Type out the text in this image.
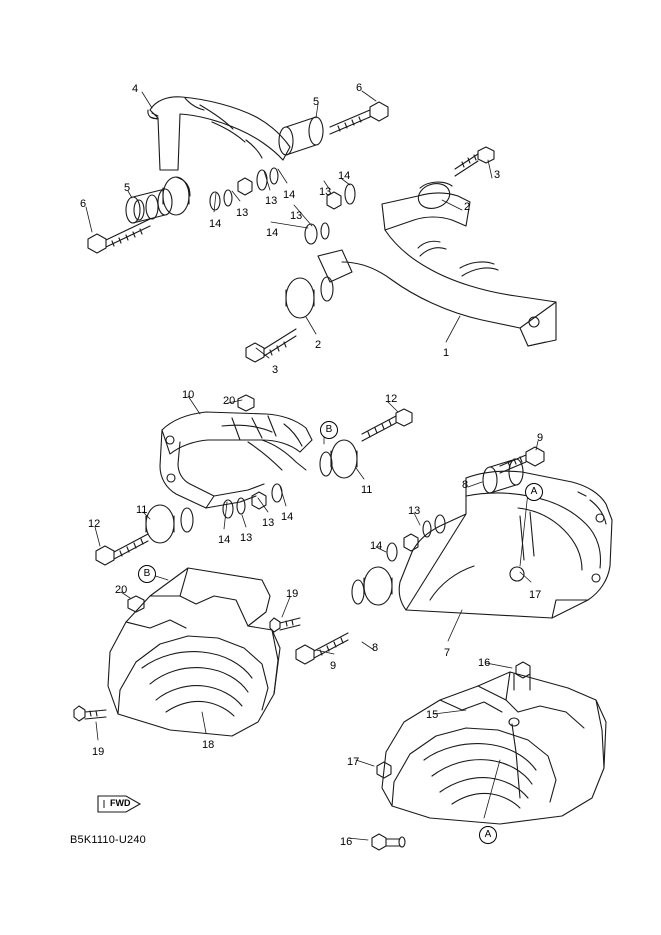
FWD
B5K1110-U240
4
5
6
3
2
5
6
14
13
13 14 13
14
13
14
2
3
1
10	20	12
11
11
12
14 13
13 14
8
9
13
14
17
7
20	19
9
8
19
18
16
15
17
16
B
A
B
A
